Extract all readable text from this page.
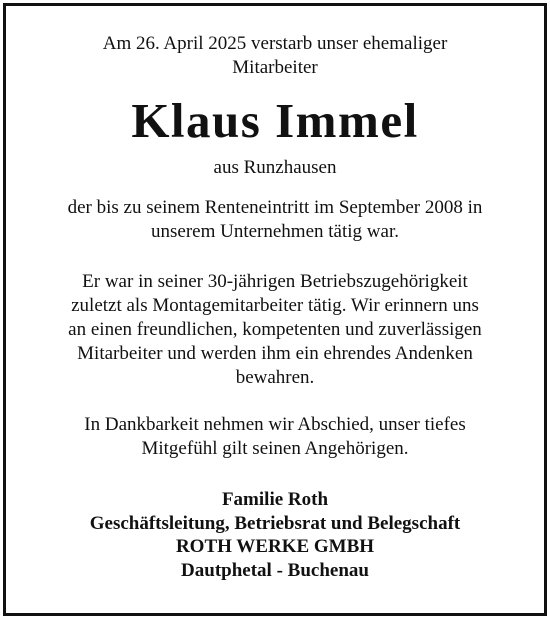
Am 26. April 2025 verstarb unser ehemaliger
Mitarbeiter
Klaus Immel
aus Runzhausen
der bis zu seinem Renteneintritt im September 2008 in
unserem Unternehmen tätig war.
Er war in seiner 30-jährigen Betriebszugehörigkeit
zuletzt als Montagemitarbeiter tätig. Wir erinnern uns
an einen freundlichen, kompetenten und zuverlässigen
Mitarbeiter und werden ihm ein ehrendes Andenken
bewahren.
In Dankbarkeit nehmen wir Abschied, unser tiefes
Mitgefühl gilt seinen Angehörigen.
Familie Roth
Geschäftsleitung, Betriebsrat und Belegschaft
ROTH WERKE GMBH
Dautphetal - Buchenau
